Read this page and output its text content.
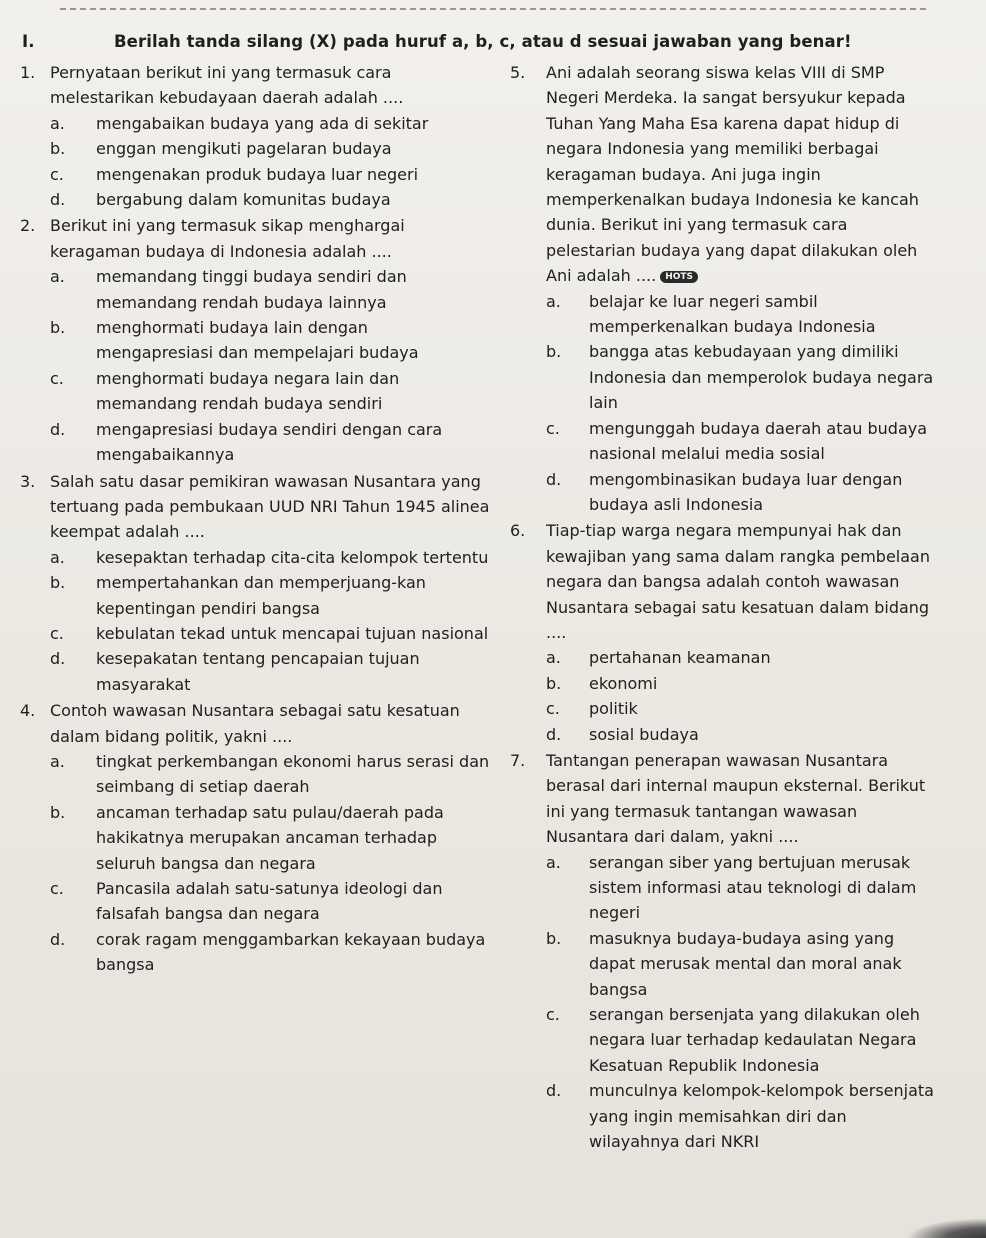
I.	Berilah tanda silang (X) pada huruf a, b, c, atau d sesuai jawaban yang benar!
1. Pernyataan berikut ini yang termasuk cara melestarikan kebudayaan daerah adalah ....
a.	mengabaikan budaya yang ada di sekitar
b.	enggan mengikuti pagelaran budaya
c.	mengenakan produk budaya luar negeri
d.	bergabung dalam komunitas budaya
2. Berikut ini yang termasuk sikap menghargai keragaman budaya di Indonesia adalah ....
a.	memandang tinggi budaya sendiri dan memandang rendah budaya lainnya
b.	menghormati budaya lain dengan mengapresiasi dan mempelajari budaya
c.	menghormati budaya negara lain dan memandang rendah budaya sendiri
d.	mengapresiasi budaya sendiri dengan cara mengabaikannya
3. Salah satu dasar pemikiran wawasan Nusantara yang tertuang pada pembukaan UUD NRI Tahun 1945 alinea keempat adalah ....
a.	kesepaktan terhadap cita-cita kelompok tertentu
b.	mempertahankan dan memperjuang-kan kepentingan pendiri bangsa
c.	kebulatan tekad untuk mencapai tujuan nasional
d.	kesepakatan tentang pencapaian tujuan masyarakat
4. Contoh wawasan Nusantara sebagai satu kesatuan dalam bidang politik, yakni ....
a.	tingkat perkembangan ekonomi harus serasi dan seimbang di setiap daerah
b.	ancaman terhadap satu pulau/daerah pada hakikatnya merupakan ancaman terhadap seluruh bangsa dan negara
c.	Pancasila adalah satu-satunya ideologi dan falsafah bangsa dan negara
d.	corak ragam menggambarkan kekayaan budaya bangsa
5.	Ani adalah seorang siswa kelas VIII di SMP Negeri Merdeka. Ia sangat bersyukur kepada Tuhan Yang Maha Esa karena dapat hidup di negara Indonesia yang memiliki berbagai keragaman budaya. Ani juga ingin memperkenalkan budaya Indonesia ke kancah dunia. Berikut ini yang termasuk cara pelestarian budaya yang dapat dilakukan oleh Ani adalah .... HOTS
a.	belajar ke luar negeri sambil memperkenalkan budaya Indonesia
b.	bangga atas kebudayaan yang dimiliki Indonesia dan memperolok budaya negara lain
c.	mengunggah budaya daerah atau budaya nasional melalui media sosial
d.	mengombinasikan budaya luar dengan budaya asli Indonesia
6.	Tiap-tiap warga negara mempunyai hak dan kewajiban yang sama dalam rangka pembelaan negara dan bangsa adalah contoh wawasan Nusantara sebagai satu kesatuan dalam bidang ....
a.	pertahanan keamanan
b.	ekonomi
c.	politik
d.	sosial budaya
7.	Tantangan penerapan wawasan Nusantara berasal dari internal maupun eksternal. Berikut ini yang termasuk tantangan wawasan Nusantara dari dalam, yakni ....
a.	serangan siber yang bertujuan merusak sistem informasi atau teknologi di dalam negeri
b.	masuknya budaya-budaya asing yang dapat merusak mental dan moral anak bangsa
c.	serangan bersenjata yang dilakukan oleh negara luar terhadap kedaulatan Negara Kesatuan Republik Indonesia
d.	munculnya kelompok-kelompok bersenjata yang ingin memisahkan diri dan wilayahnya dari NKRI
